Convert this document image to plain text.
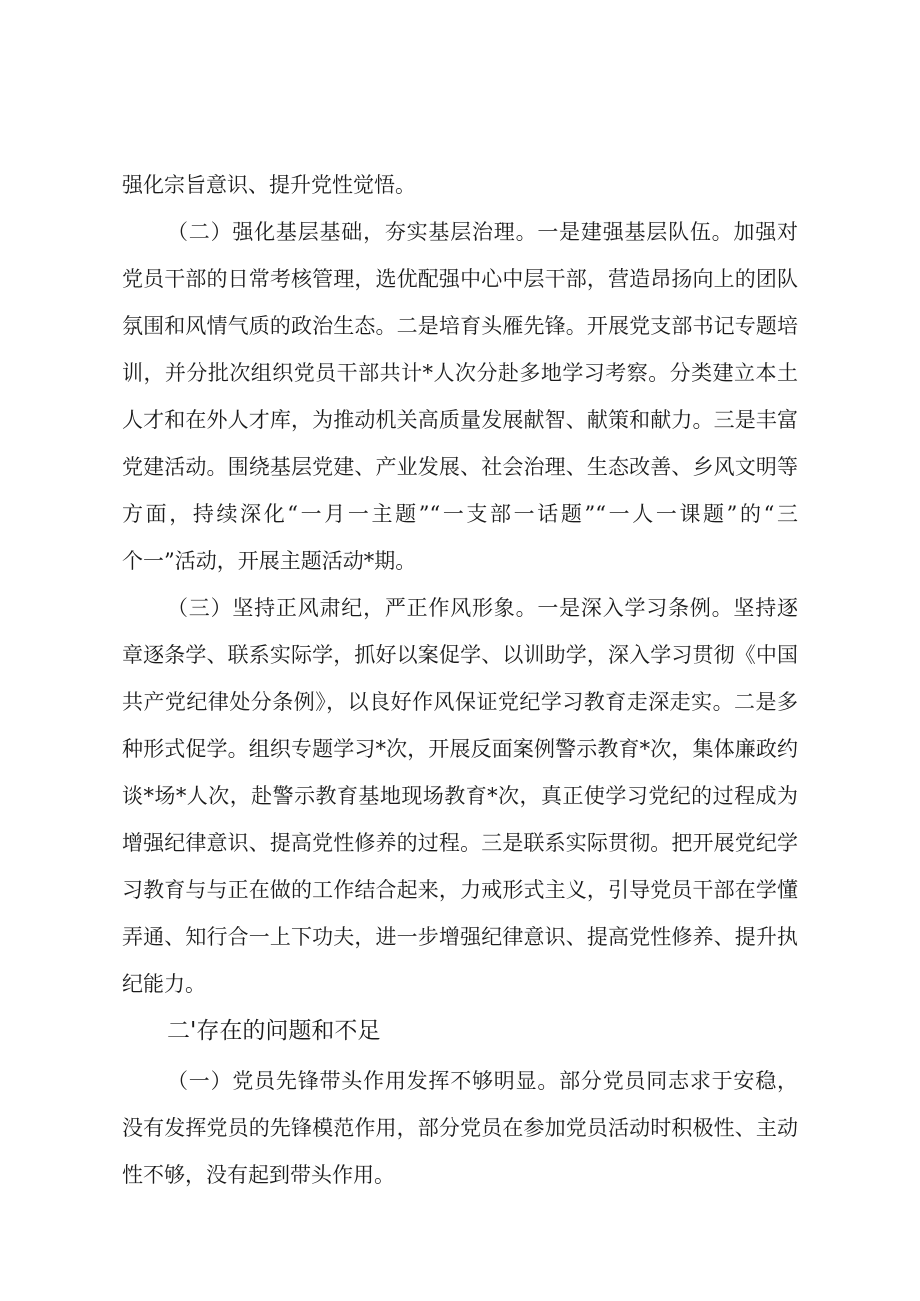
强化宗旨意识、提升党性觉悟。
（二）强化基层基础，夯实基层治理。一是建强基层队伍。加强对
党员干部的日常考核管理，选优配强中心中层干部，营造昂扬向上的团队
氛围和风情气质的政治生态。二是培育头雁先锋。开展党支部书记专题培
训，并分批次组织党员干部共计*人次分赴多地学习考察。分类建立本土
人才和在外人才库，为推动机关高质量发展献智、献策和献力。三是丰富
党建活动。围绕基层党建、产业发展、社会治理、生态改善、乡风文明等
方面，持续深化“一月一主题”“一支部一话题”“一人一课题”的“三
个一”活动，开展主题活动*期。
（三）坚持正风肃纪，严正作风形象。一是深入学习条例。坚持逐
章逐条学、联系实际学，抓好以案促学、以训助学，深入学习贯彻《中国
共产党纪律处分条例》，以良好作风保证党纪学习教育走深走实。二是多
种形式促学。组织专题学习*次，开展反面案例警示教育*次，集体廉政约
谈*场*人次，赴警示教育基地现场教育*次，真正使学习党纪的过程成为
增强纪律意识、提高党性修养的过程。三是联系实际贯彻。把开展党纪学
习教育与与正在做的工作结合起来，力戒形式主义，引导党员干部在学懂
弄通、知行合一上下功夫，进一步增强纪律意识、提高党性修养、提升执
纪能力。
二'存在的问题和不足
（一）党员先锋带头作用发挥不够明显。部分党员同志求于安稳，
没有发挥党员的先锋模范作用，部分党员在参加党员活动时积极性、主动
性不够，没有起到带头作用。
